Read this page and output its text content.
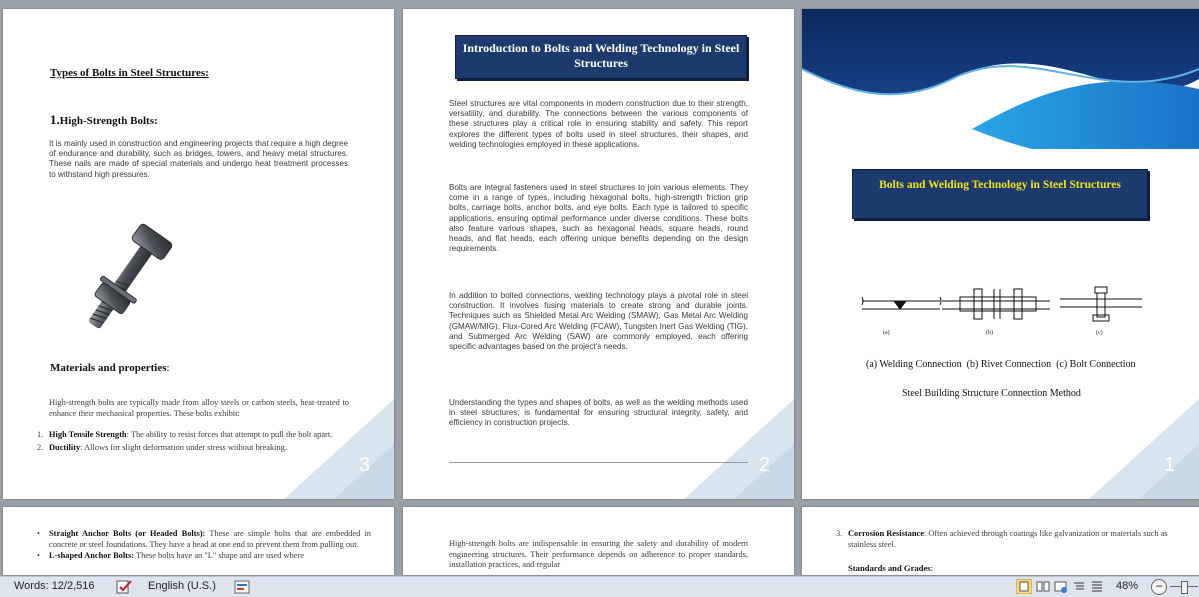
3

Types of Bolts in Steel Structures:

1.High-Strength Bolts:

It is mainly used in construction and engineering projects that require a high degree of endurance and durability, such as bridges, towers, and heavy metal structures. These nails are made of special materials and undergo heat treatment processes to withstand high pressures.

Materials and properties:

High-strength bolts are typically made from alloy steels or carbon steels, heat-treated to enhance their mechanical properties. These bolts exhibit:

1. High Tensile Strength: The ability to resist forces that attempt to pull the bolt apart.
2. Ductility: Allows for slight deformation under stress without breaking.
2
Introduction to Bolts and Welding Technology in Steel Structures

Steel structures are vital components in modern construction due to their strength, versatility, and durability. The connections between the various components of these structures play a critical role in ensuring stability and safety. This report explores the different types of bolts used in steel structures, their shapes, and welding technologies employed in these applications.

Bolts are integral fasteners used in steel structures to join various elements. They come in a range of types, including hexagonal bolts, high-strength friction grip bolts, carriage bolts, anchor bolts, and eye bolts. Each type is tailored to specific applications, ensuring optimal performance under diverse conditions. These bolts also feature various shapes, such as hexagonal heads, square heads, round heads, and flat heads, each offering unique benefits depending on the design requirements.

In addition to bolted connections, welding technology plays a pivotal role in steel construction. It involves fusing materials to create strong and durable joints. Techniques such as Shielded Metal Arc Welding (SMAW), Gas Metal Arc Welding (GMAW/MIG), Flux-Cored Arc Welding (FCAW), Tungsten Inert Gas Welding (TIG), and Submerged Arc Welding (SAW) are commonly employed, each offering specific advantages based on the project's needs.

Understanding the types and shapes of bolts, as well as the welding methods used in steel structures, is fundamental for ensuring structural integrity, safety, and efficiency in construction projects.

Bolts and Welding Technology in Steel Structures
(a)	(b)	(c)

(a) Welding Connection  (b) Rivet Connection  (c) Bolt Connection

Steel Building Structure Connection Method

1
• Straight Anchor Bolts (or Headed Bolts): These are simple bolts that are embedded in concrete or steel foundations. They have a head at one end to prevent them from pulling out.
• L-shaped Anchor Bolts: These bolts have an "L" shape and are used where

High-strength bolts are indispensable in ensuring the safety and durability of modern engineering structures. Their performance depends on adherence to proper standards, installation practices, and regular

3. Corrosion Resistance: Often achieved through coatings like galvanization or materials such as stainless steel.

Standards and Grades:

Words: 12/2,516	English (U.S.)	48%	−
